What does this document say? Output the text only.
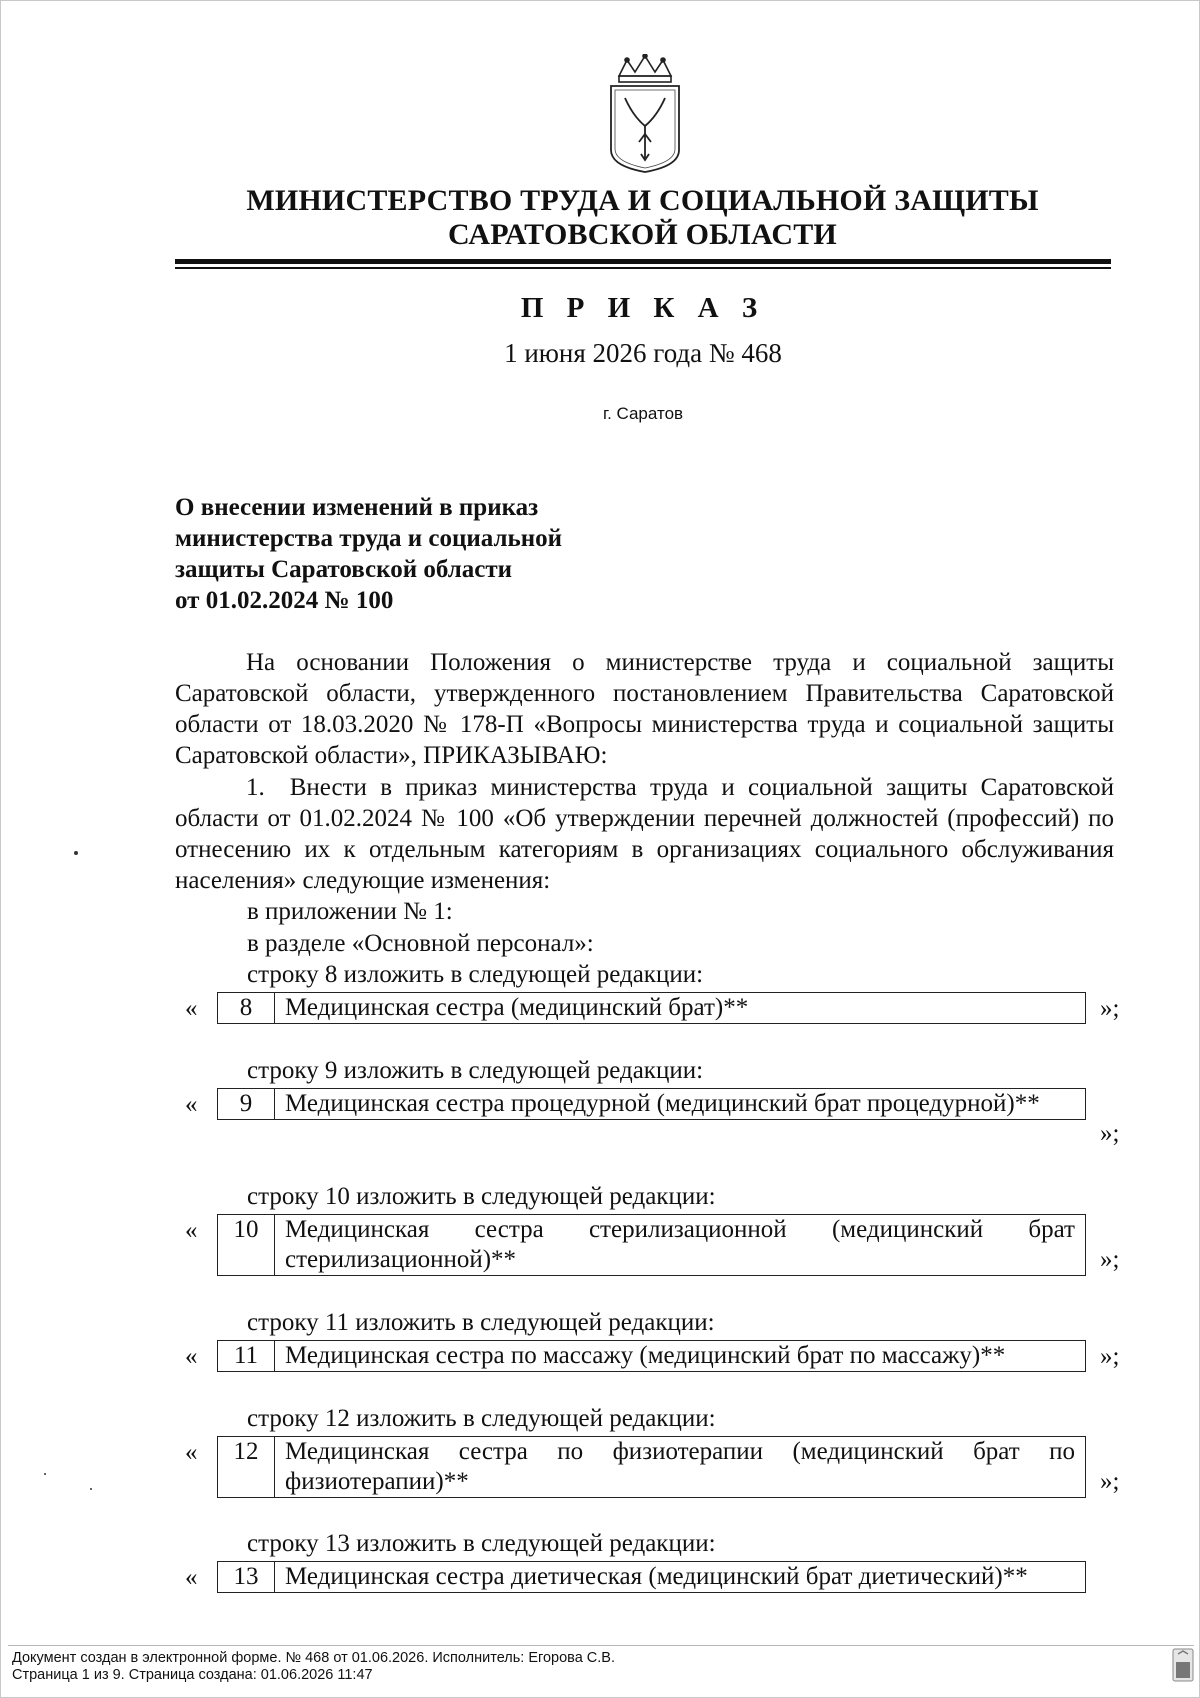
МИНИСТЕРСТВО ТРУДА И СОЦИАЛЬНОЙ ЗАЩИТЫ
САРАТОВСКОЙ ОБЛАСТИ
П Р И К А З
1 июня 2026 года № 468
г. Саратов
О внесении изменений в приказ
министерства труда и социальной
защиты Саратовской области
от 01.02.2024 № 100
На основании Положения о министерстве труда и социальной защиты Саратовской области, утвержденного постановлением Правительства Саратовской области от 18.03.2020 № 178-П «Вопросы министерства труда и социальной защиты Саратовской области», ПРИКАЗЫВАЮ:
1. Внести в приказ министерства труда и социальной защиты Саратовской области от 01.02.2024 № 100 «Об утверждении перечней должностей (профессий) по отнесению их к отдельным категориям в организациях социального обслуживания населения» следующие изменения:
в приложении № 1:
в разделе «Основной персонал»:
строку 8 изложить в следующей редакции:
«	8	Медицинская сестра (медицинский брат)**	»;
строку 9 изложить в следующей редакции:
«	9	Медицинская сестра процедурной (медицинский брат процедурной)**
»;
строку 10 изложить в следующей редакции:
«	10	Медицинская сестра стерилизационной (медицинский брат стерилизационной)**	»;
строку 11 изложить в следующей редакции:
«	11	Медицинская сестра по массажу (медицинский брат по массажу)**	»;
строку 12 изложить в следующей редакции:
«	12	Медицинская сестра по физиотерапии (медицинский брат по физиотерапии)**	»;
строку 13 изложить в следующей редакции:
«	13	Медицинская сестра диетическая (медицинский брат диетический)**
Документ создан в электронной форме. № 468 от 01.06.2026. Исполнитель: Егорова С.В.
Страница 1 из 9. Страница создана: 01.06.2026 11:47
